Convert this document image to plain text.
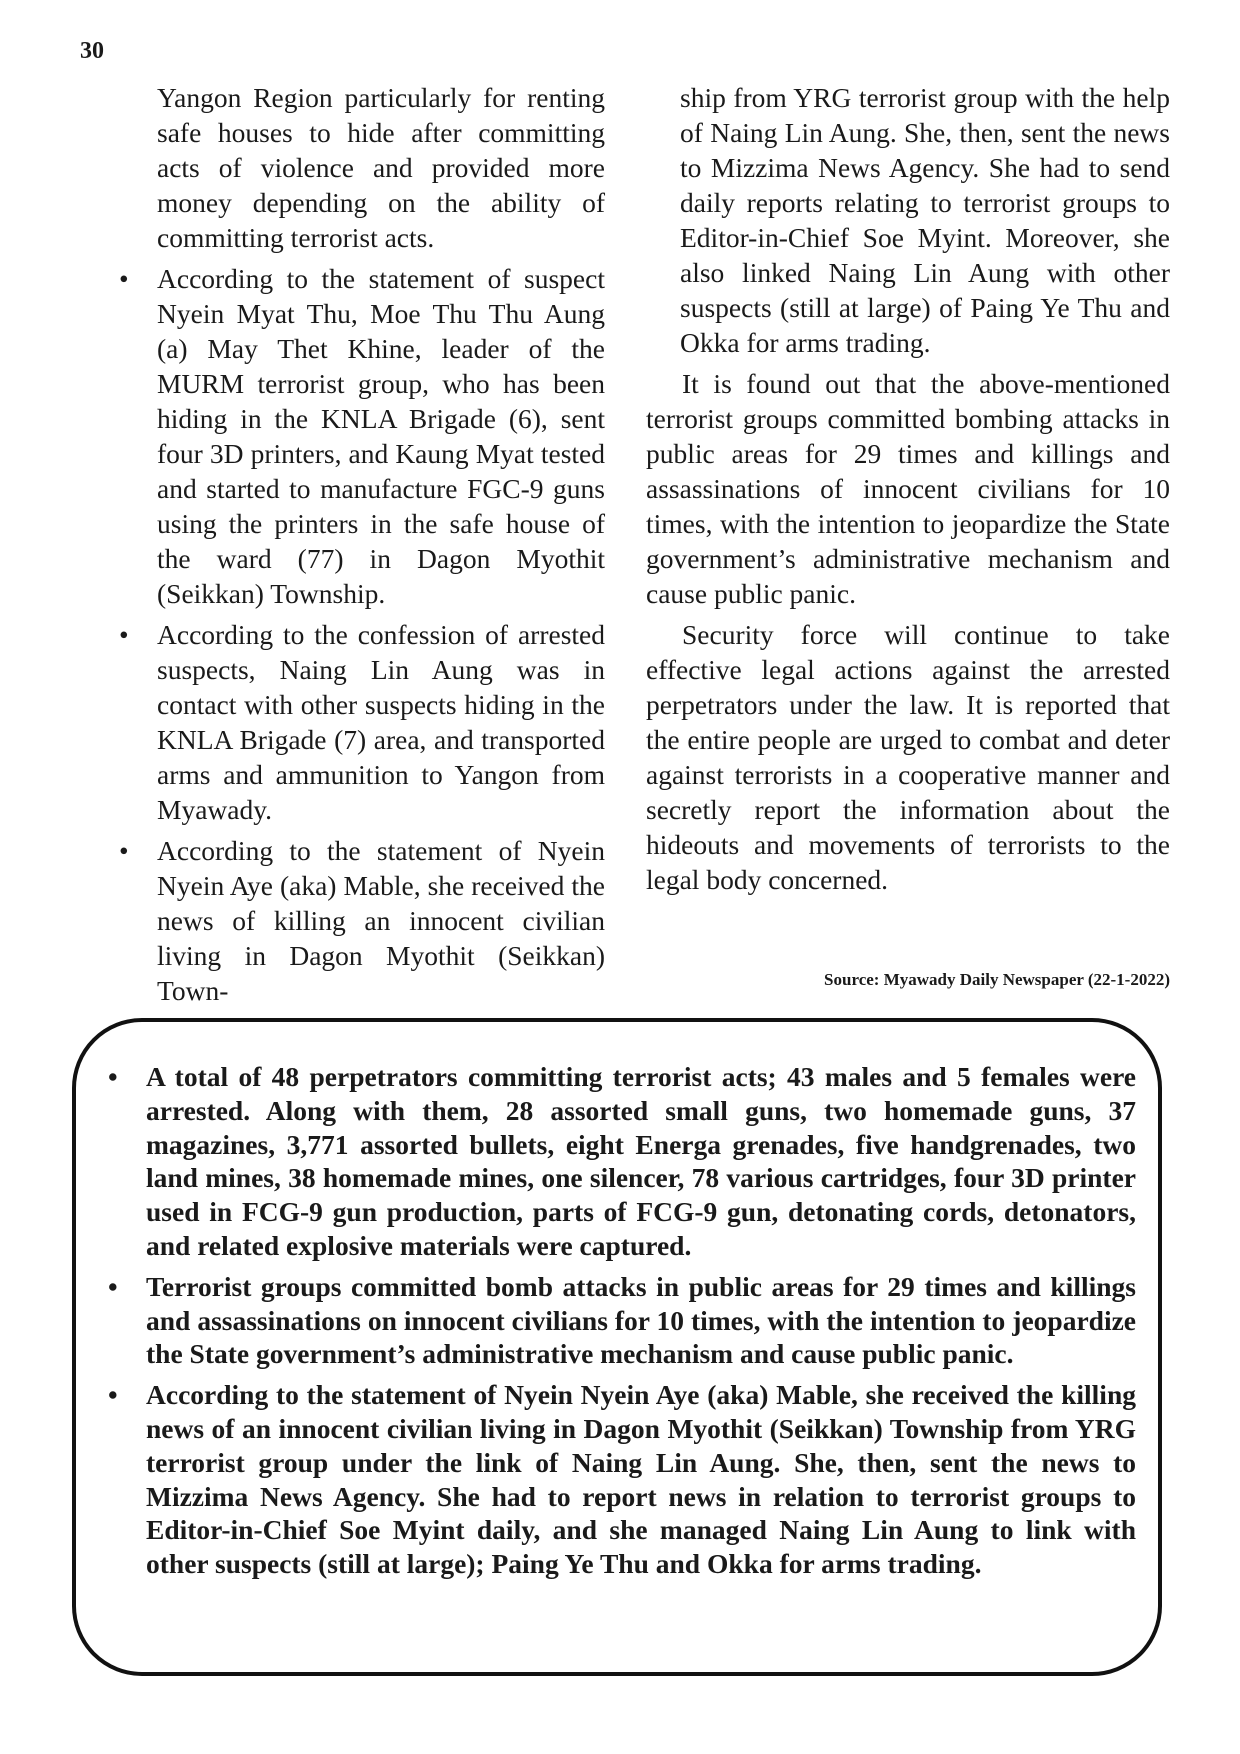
30

Yangon Region particularly for renting safe houses to hide after committing acts of violence and provided more money depending on the ability of committing terrorist acts.

• According to the statement of suspect Nyein Myat Thu, Moe Thu Thu Aung (a) May Thet Khine, leader of the MURM terrorist group, who has been hiding in the KNLA Brigade (6), sent four 3D printers, and Kaung Myat tested and started to manufacture FGC-9 guns using the printers in the safe house of the ward (77) in Dagon Myothit (Seikkan) Township.
• According to the confession of arrested suspects, Naing Lin Aung was in contact with other suspects hiding in the KNLA Brigade (7) area, and transported arms and ammunition to Yangon from Myawady.
• According to the statement of Nyein Nyein Aye (aka) Mable, she received the news of killing an innocent civilian living in Dagon Myothit (Seikkan) Town-

ship from YRG terrorist group with the help of Naing Lin Aung. She, then, sent the news to Mizzima News Agency. She had to send daily reports relating to terrorist groups to Editor-in-Chief Soe Myint. Moreover, she also linked Naing Lin Aung with other suspects (still at large) of Paing Ye Thu and Okka for arms trading.

It is found out that the above-mentioned terrorist groups committed bombing attacks in public areas for 29 times and killings and assassinations of innocent civilians for 10 times, with the intention to jeopardize the State government’s administrative mechanism and cause public panic.

Security force will continue to take effective legal actions against the arrested perpetrators under the law. It is reported that the entire people are urged to combat and deter against terrorists in a cooperative manner and secretly report the information about the hideouts and movements of terrorists to the legal body concerned.

Source: Myawady Daily Newspaper (22-1-2022)
• A total of 48 perpetrators committing terrorist acts; 43 males and 5 females were arrested. Along with them, 28 assorted small guns, two homemade guns, 37 magazines, 3,771 assorted bullets, eight Energa grenades, five handgrenades, two land mines, 38 homemade mines, one silencer, 78 various cartridges, four 3D printer used in FCG-9 gun production, parts of FCG-9 gun, detonating cords, detonators, and related explosive materials were captured.
• Terrorist groups committed bomb attacks in public areas for 29 times and killings and assassinations on innocent civilians for 10 times, with the intention to jeopardize the State government’s administrative mechanism and cause public panic.
• According to the statement of Nyein Nyein Aye (aka) Mable, she received the killing news of an innocent civilian living in Dagon Myothit (Seikkan) Township from YRG terrorist group under the link of Naing Lin Aung. She, then, sent the news to Mizzima News Agency. She had to report news in relation to terrorist groups to Editor-in-Chief Soe Myint daily, and she managed Naing Lin Aung to link with other suspects (still at large); Paing Ye Thu and Okka for arms trading.
